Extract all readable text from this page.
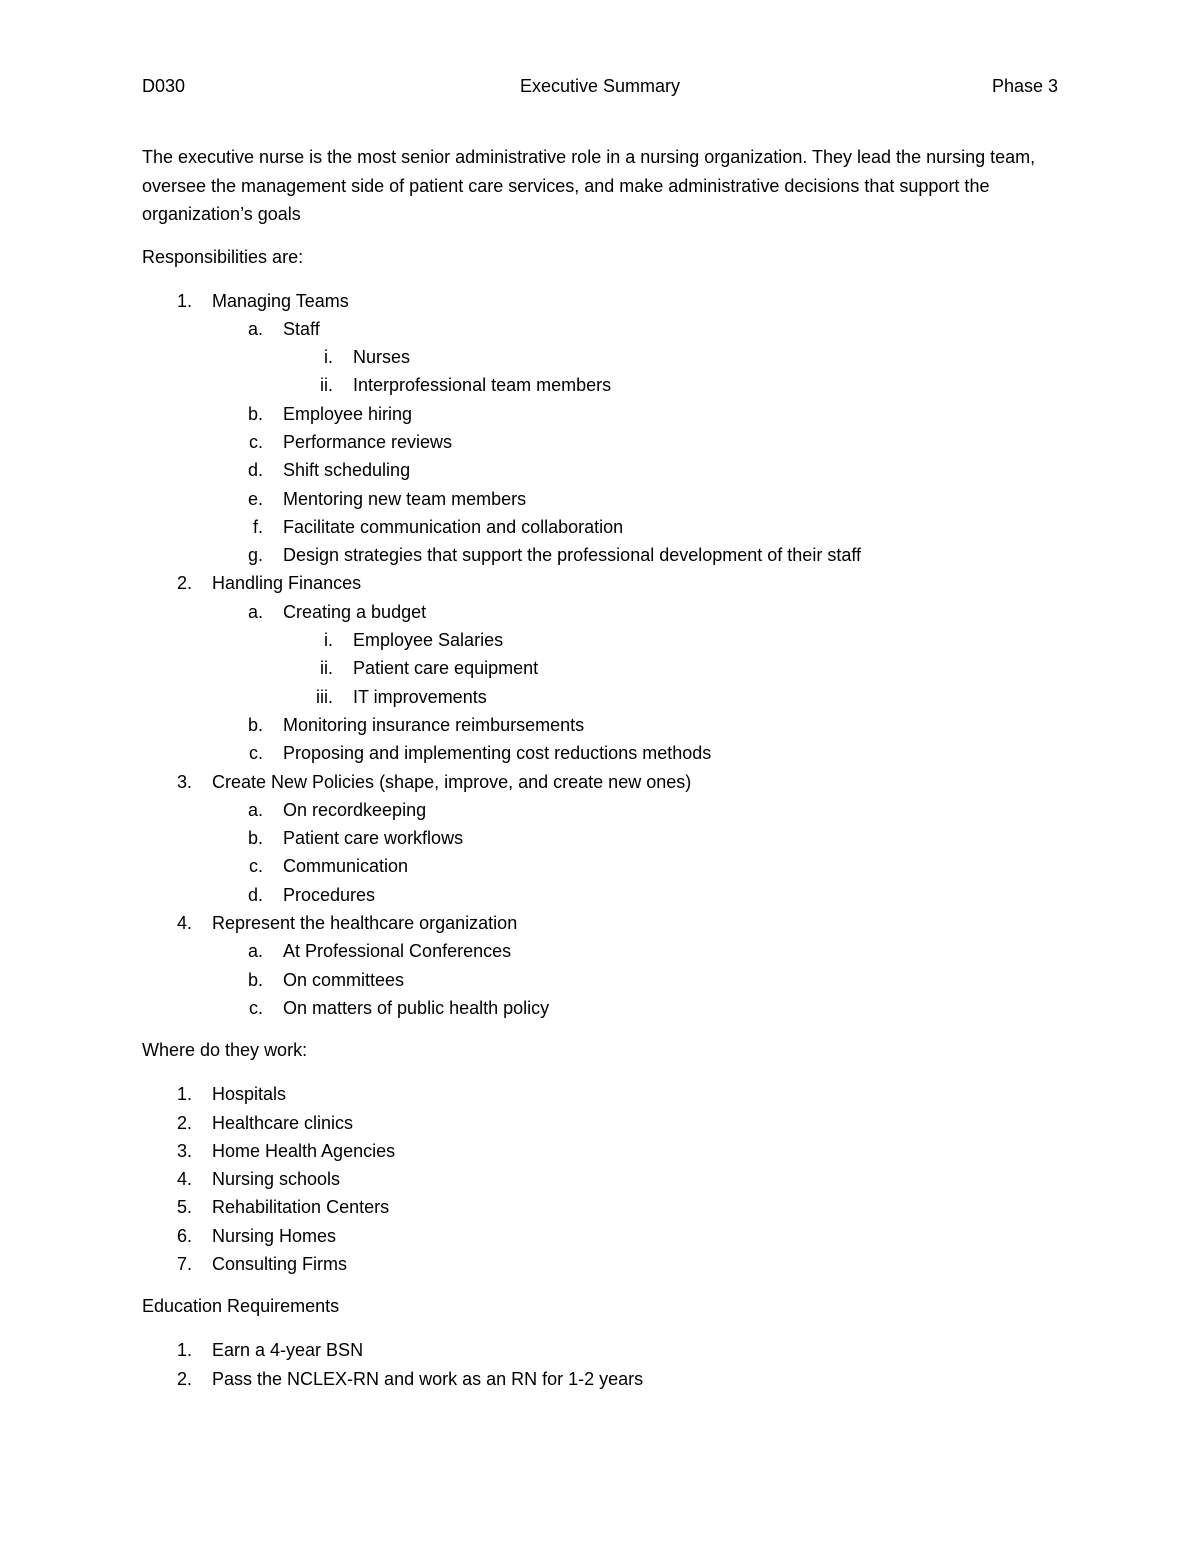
Executive Summary
D030	Phase 3

The executive nurse is the most senior administrative role in a nursing organization. They lead the nursing team, oversee the management side of patient care services, and make administrative decisions that support the organization’s goals

Responsibilities are:

1. Managing Teams
a. Staff
i. Nurses
ii. Interprofessional team members
b. Employee hiring
c. Performance reviews
d. Shift scheduling
e. Mentoring new team members
f. Facilitate communication and collaboration
g. Design strategies that support the professional development of their staff
2. Handling Finances
a. Creating a budget
i. Employee Salaries
ii. Patient care equipment
iii. IT improvements
b. Monitoring insurance reimbursements
c. Proposing and implementing cost reductions methods
3. Create New Policies (shape, improve, and create new ones)
a. On recordkeeping
b. Patient care workflows
c. Communication
d. Procedures
4. Represent the healthcare organization
a. At Professional Conferences
b. On committees
c. On matters of public health policy

Where do they work:

1. Hospitals
2. Healthcare clinics
3. Home Health Agencies
4. Nursing schools
5. Rehabilitation Centers
6. Nursing Homes
7. Consulting Firms

Education Requirements

1. Earn a 4-year BSN
2. Pass the NCLEX-RN and work as an RN for 1-2 years
